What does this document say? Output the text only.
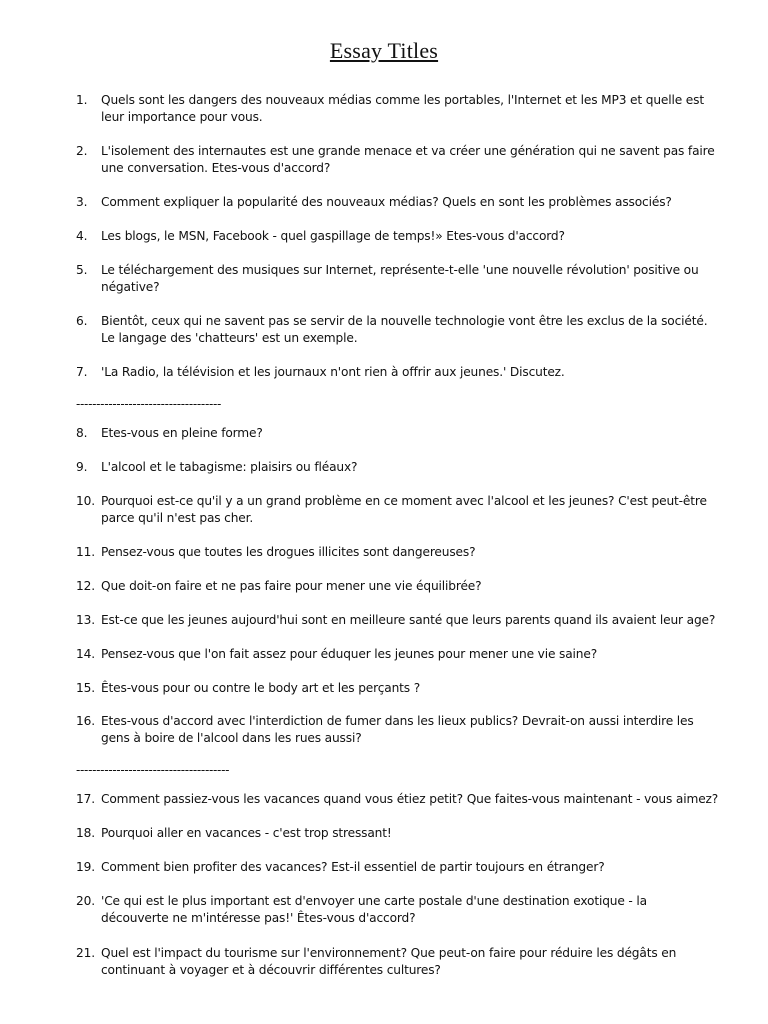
Essay Titles
1.	Quels sont les dangers des nouveaux médias comme les portables, l'Internet et les MP3 et quelle est
leur importance pour vous.
2.	L'isolement des internautes est une grande menace et va créer une génération qui ne savent pas faire
une conversation. Etes-vous d'accord?
3.	Comment expliquer la popularité des nouveaux médias? Quels en sont les problèmes associés?
4.	Les blogs, le MSN, Facebook - quel gaspillage de temps!» Etes-vous d'accord?
5.	Le téléchargement des musiques sur Internet, représente-t-elle 'une nouvelle révolution' positive ou
négative?
6.	Bientôt, ceux qui ne savent pas se servir de la nouvelle technologie vont être les exclus de la société.
Le langage des 'chatteurs' est un exemple.
7.	'La Radio, la télévision et les journaux n'ont rien à offrir aux jeunes.' Discutez.
------------------------------------
8.	Etes-vous en pleine forme?
9.	L'alcool et le tabagisme: plaisirs ou fléaux?
10. Pourquoi est-ce qu'il y a un grand problème en ce moment avec l'alcool et les jeunes? C'est peut-être
parce qu'il n'est pas cher.
11. Pensez-vous que toutes les drogues illicites sont dangereuses?
12. Que doit-on faire et ne pas faire pour mener une vie équilibrée?
13. Est-ce que les jeunes aujourd'hui sont en meilleure santé que leurs parents quand ils avaient leur age?
14. Pensez-vous que l'on fait assez pour éduquer les jeunes pour mener une vie saine?
15. Êtes-vous pour ou contre le body art et les perçants ?
16. Etes-vous d'accord avec l'interdiction de fumer dans les lieux publics? Devrait-on aussi interdire les
gens à boire de l'alcool dans les rues aussi?
--------------------------------------
17. Comment passiez-vous les vacances quand vous étiez petit? Que faites-vous maintenant - vous aimez?
18. Pourquoi aller en vacances - c'est trop stressant!
19. Comment bien profiter des vacances? Est-il essentiel de partir toujours en étranger?
20. 'Ce qui est le plus important est d'envoyer une carte postale d'une destination exotique - la
découverte ne m'intéresse pas!' Êtes-vous d'accord?
21. Quel est l'impact du tourisme sur l'environnement? Que peut-on faire pour réduire les dégâts en
continuant à voyager et à découvrir différentes cultures?
